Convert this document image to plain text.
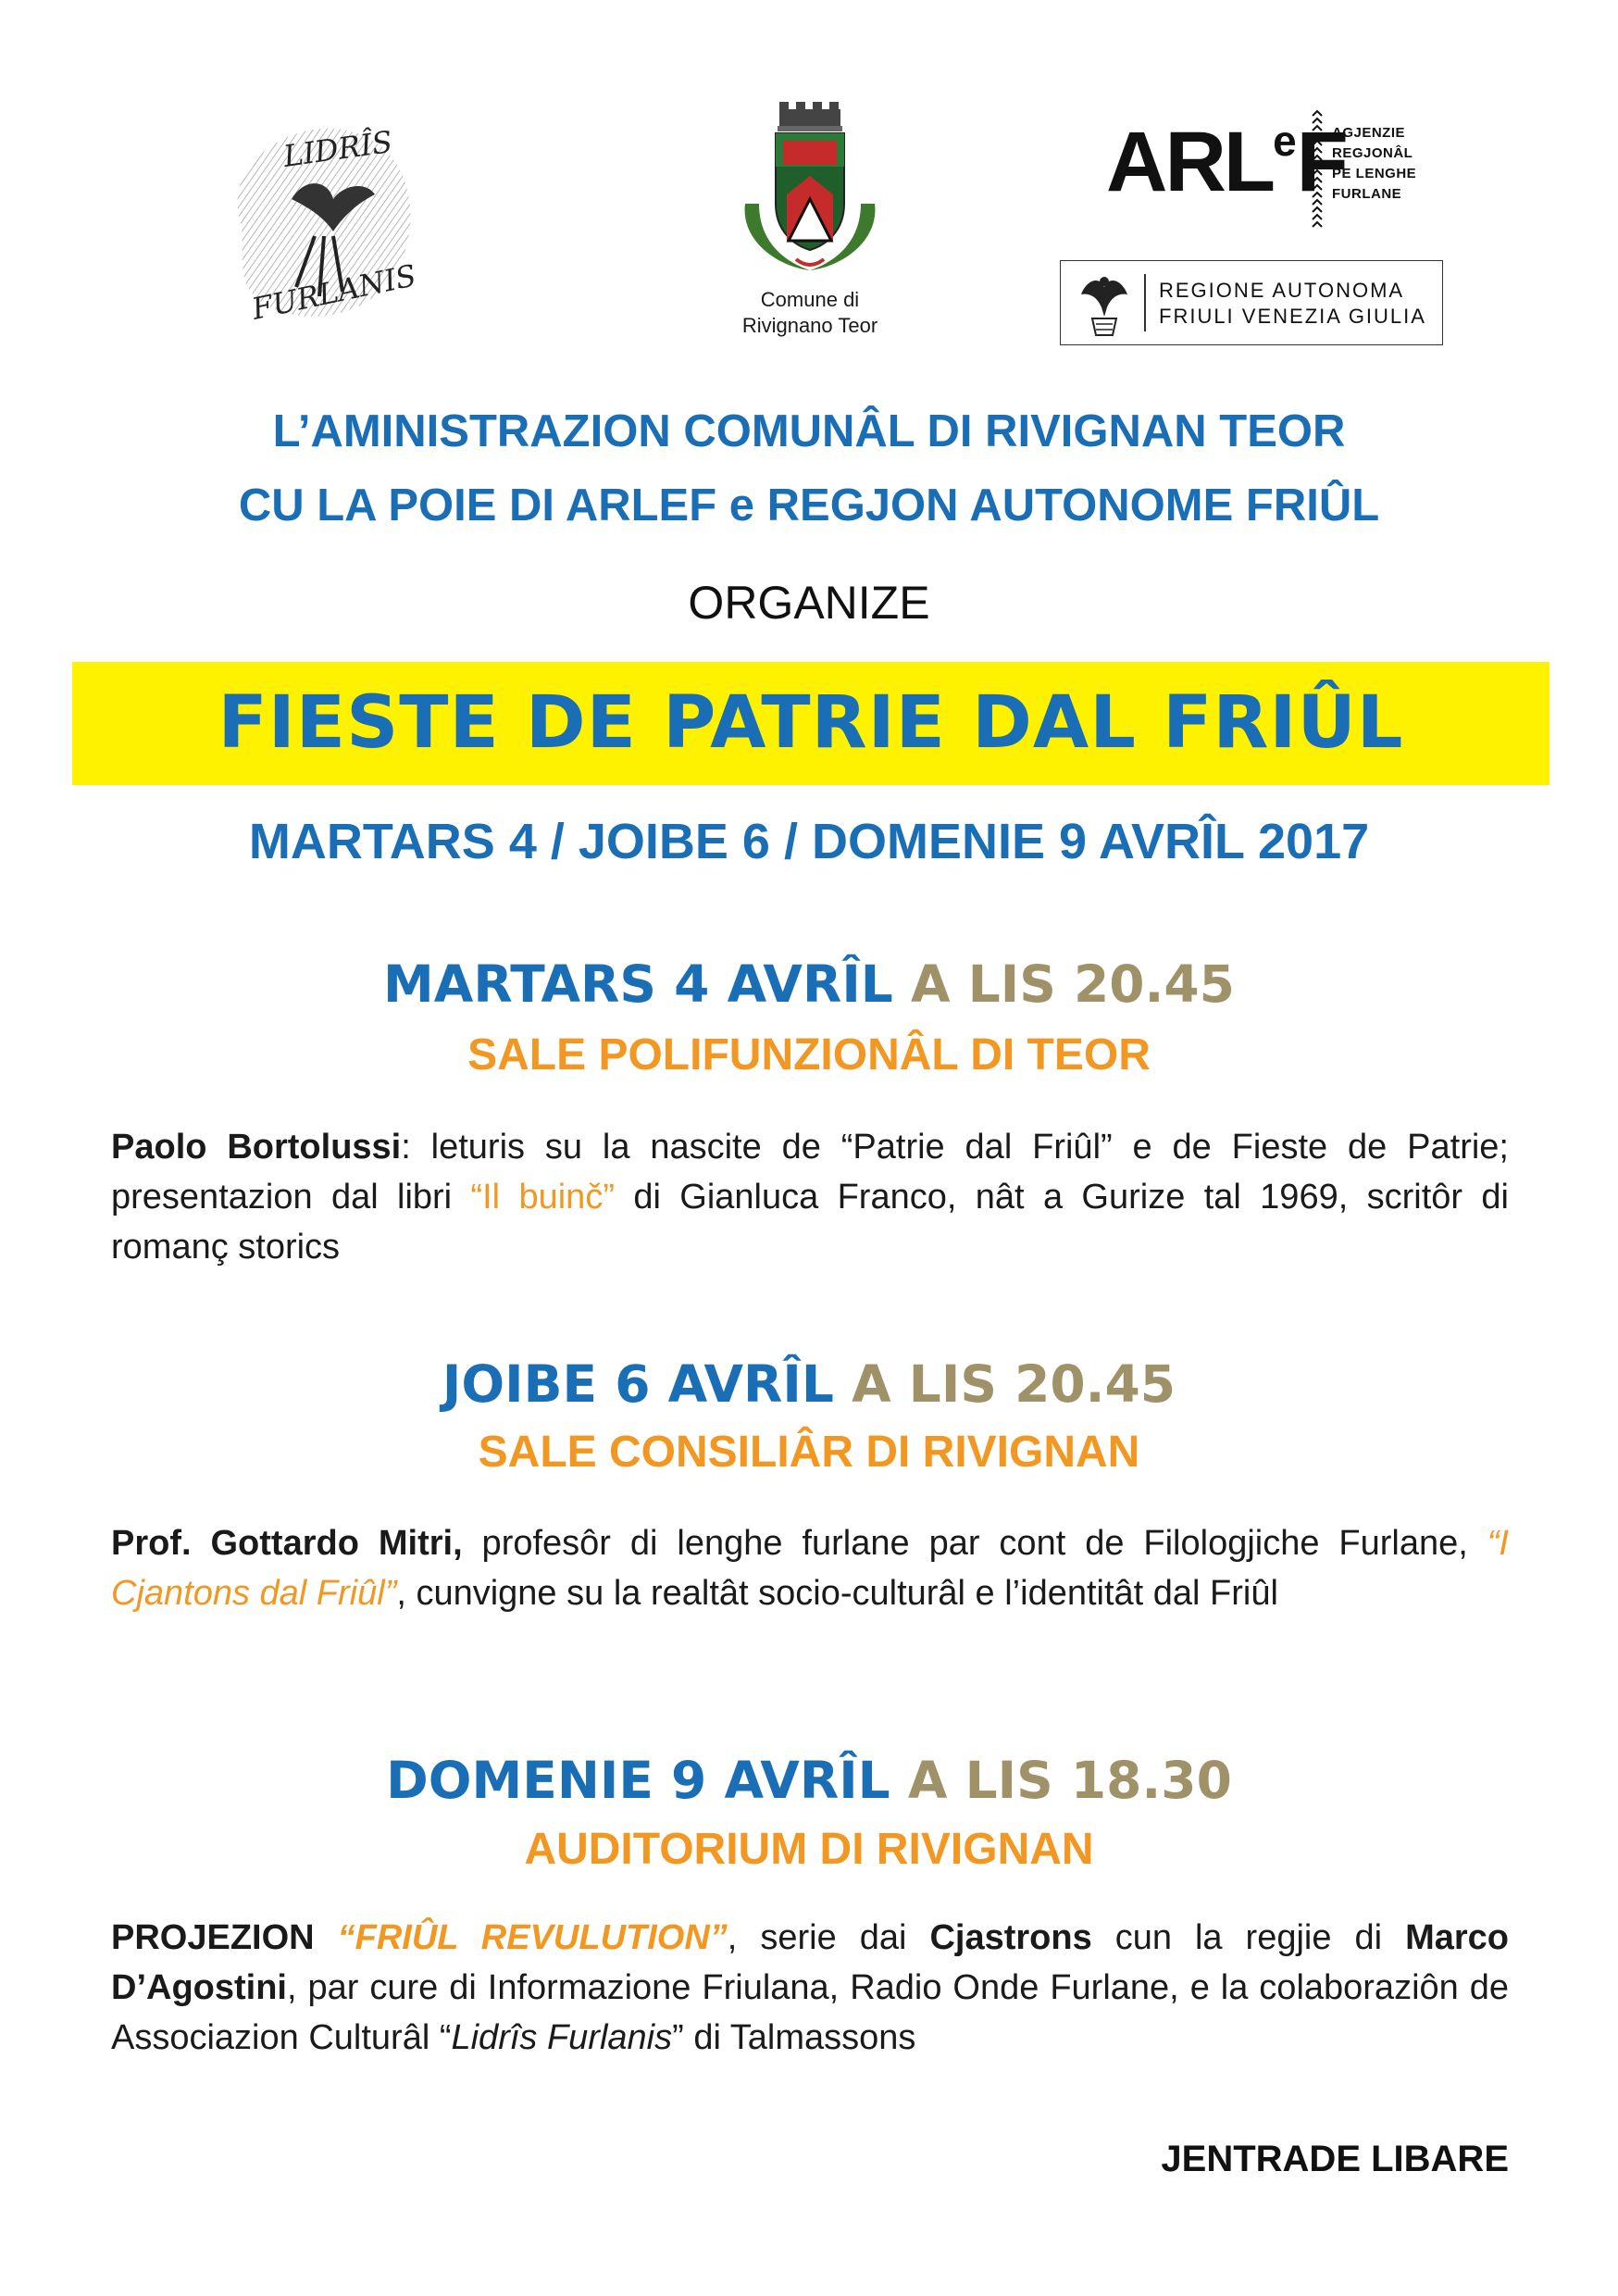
LIDRÎS
FURLANIS	Comune di
Rivignano Teor
ARL$^e$F
AGJENZIE
REGJONÂL
PE LENGHE
FURLANE
REGIONE AUTONOMA
FRIULI VENEZIA GIULIA
L’AMINISTRAZION COMUNÂL DI RIVIGNAN TEOR
CU LA POIE DI ARLEF e REGJON AUTONOME FRIÛL
ORGANIZE
FIESTE DE PATRIE DAL FRIÛL
MARTARS 4 / JOIBE 6 / DOMENIE 9 AVRÎL 2017
MARTARS 4 AVRÎL A LIS 20.45
SALE POLIFUNZIONÂL DI TEOR
Paolo Bortolussi: leturis su la nascite de “Patrie dal Friûl” e de Fieste de Patrie; presentazion dal libri “Il buinč” di Gianluca Franco, nât a Gurize tal 1969, scritôr di romanç storics
JOIBE 6 AVRÎL A LIS 20.45
SALE CONSILIÂR DI RIVIGNAN
Prof. Gottardo Mitri, profesôr di lenghe furlane par cont de Filologjiche Furlane, “I Cjantons dal Friûl”, cunvigne su la realtât socio-culturâl e l’identitât dal Friûl
DOMENIE 9 AVRÎL A LIS 18.30
AUDITORIUM DI RIVIGNAN
PROJEZION “FRIÛL REVULUTION”, serie dai Cjastrons cun la regjie di Marco D’Agostini, par cure di Informazione Friulana, Radio Onde Furlane, e la colaboraziôn de Associazion Culturâl “Lidrîs Furlanis” di Talmassons
JENTRADE LIBARE
